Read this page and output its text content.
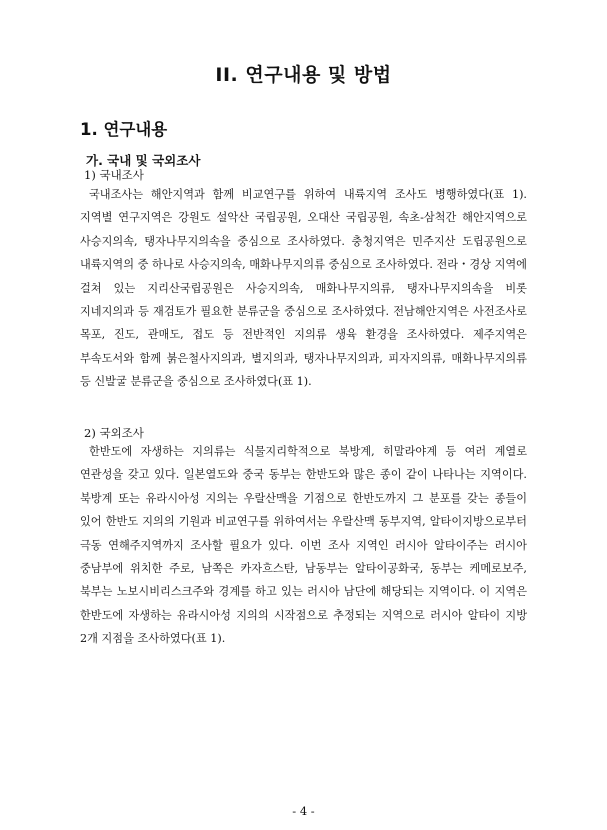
II. 연구내용 및 방법
1. 연구내용
가. 국내 및 국외조사
1) 국내조사

국내조사는 해안지역과 함께 비교연구를 위하여 내륙지역 조사도 병행하였다(표 1). 지역별 연구지역은 강원도 설악산 국립공원, 오대산 국립공원, 속초-삼척간 해안지역으로 사승지의속, 탱자나무지의속을 중심으로 조사하였다. 충청지역은 민주지산 도립공원으로 내륙지역의 중 하나로 사승지의속, 매화나무지의류 중심으로 조사하였다. 전라・경상 지역에 걸쳐 있는 지리산국립공원은 사승지의속, 매화나무지의류, 탱자나무지의속을 비롯 지네지의과 등 재검토가 필요한 분류군을 중심으로 조사하였다. 전남해안지역은 사전조사로 목포, 진도, 관매도, 접도 등 전반적인 지의류 생육 환경을 조사하였다. 제주지역은 부속도서와 함께 붉은철사지의과, 별지의과, 탱자나무지의과, 피자지의류, 매화나무지의류 등 신발굴 분류군을 중심으로 조사하였다(표 1).

2) 국외조사

한반도에 자생하는 지의류는 식물지리학적으로 북방계, 히말라야계 등 여러 계열로 연관성을 갖고 있다. 일본열도와 중국 동부는 한반도와 많은 종이 같이 나타나는 지역이다. 북방계 또는 유라시아성 지의는 우랄산맥을 기점으로 한반도까지 그 분포를 갖는 종들이 있어 한반도 지의의 기원과 비교연구를 위하여서는 우랄산맥 동부지역, 알타이지방으로부터 극동 연해주지역까지 조사할 필요가 있다. 이번 조사 지역인 러시아 알타이주는 러시아 중남부에 위치한 주로, 남쪽은 카자흐스탄, 남동부는 알타이공화국, 동부는 케메로보주, 북부는 노보시비리스크주와 경계를 하고 있는 러시아 남단에 해당되는 지역이다. 이 지역은 한반도에 자생하는 유라시아성 지의의 시작점으로 추정되는 지역으로 러시아 알타이 지방 2개 지점을 조사하였다(표 1).

- 4 -
